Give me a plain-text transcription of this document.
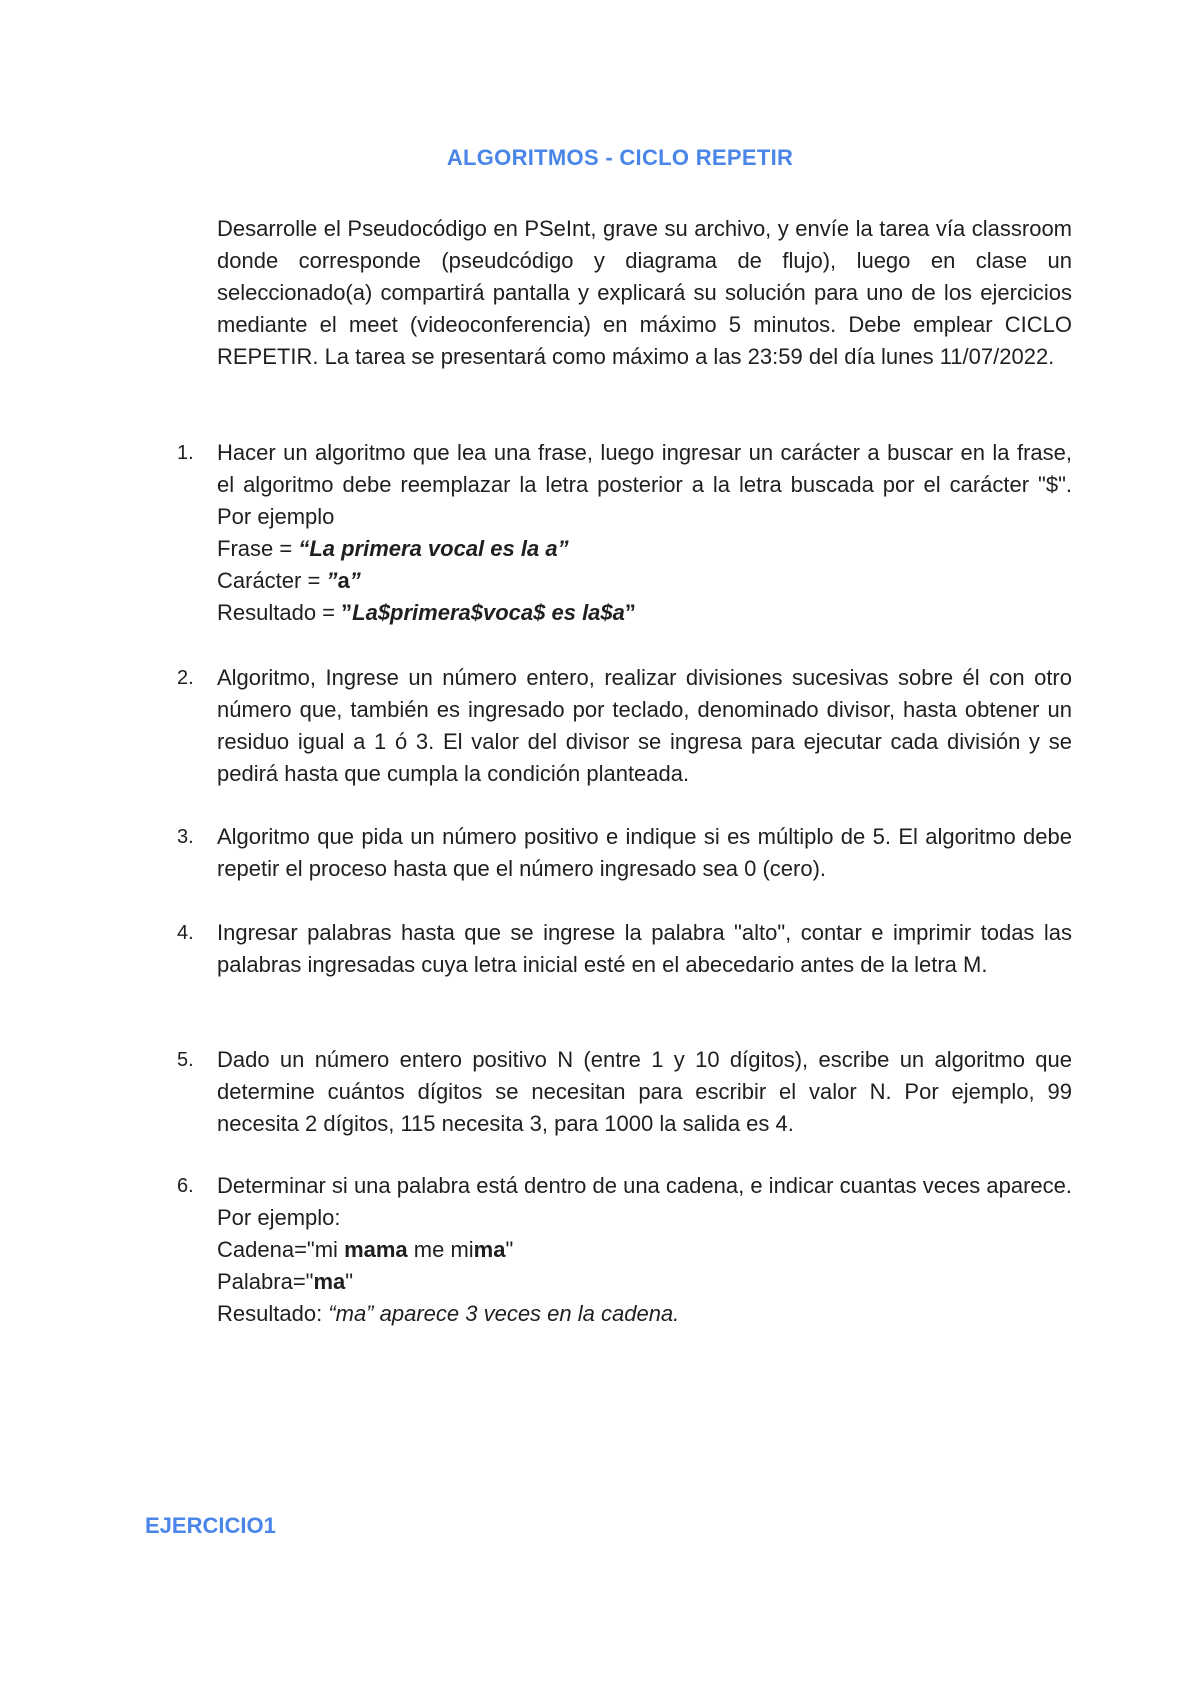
ALGORITMOS - CICLO REPETIR
Desarrolle el Pseudocódigo en PSeInt, grave su archivo, y envíe la tarea vía classroom donde corresponde (pseudcódigo y diagrama de flujo), luego en clase un seleccionado(a) compartirá pantalla y explicará su solución para uno de los ejercicios mediante el meet (videoconferencia) en máximo 5 minutos. Debe emplear CICLO REPETIR. La tarea se presentará como máximo a las 23:59 del día lunes 11/07/2022.
1. Hacer un algoritmo que lea una frase, luego ingresar un carácter a buscar en la frase, el algoritmo debe reemplazar la letra posterior a la letra buscada por el carácter "$". Por ejemplo
Frase = “La primera vocal es la a”
Carácter = ”a”
Resultado = ”La$primera$voca$ es la$a”
2. Algoritmo, Ingrese un número entero, realizar divisiones sucesivas sobre él con otro número que, también es ingresado por teclado, denominado divisor, hasta obtener un residuo igual a 1 ó 3. El valor del divisor se ingresa para ejecutar cada división y se pedirá hasta que cumpla la condición planteada.
3. Algoritmo que pida un número positivo e indique si es múltiplo de 5. El algoritmo debe repetir el proceso hasta que el número ingresado sea 0 (cero).
4. Ingresar palabras hasta que se ingrese la palabra "alto", contar e imprimir todas las palabras ingresadas cuya letra inicial esté en el abecedario antes de la letra M.
5. Dado un número entero positivo N (entre 1 y 10 dígitos), escribe un algoritmo que determine cuántos dígitos se necesitan para escribir el valor N. Por ejemplo, 99 necesita 2 dígitos, 115 necesita 3, para 1000 la salida es 4.
6. Determinar si una palabra está dentro de una cadena, e indicar cuantas veces aparece. Por ejemplo:
Cadena="mi mama me mima"
Palabra="ma"
Resultado: “ma” aparece 3 veces en la cadena.
EJERCICIO1
